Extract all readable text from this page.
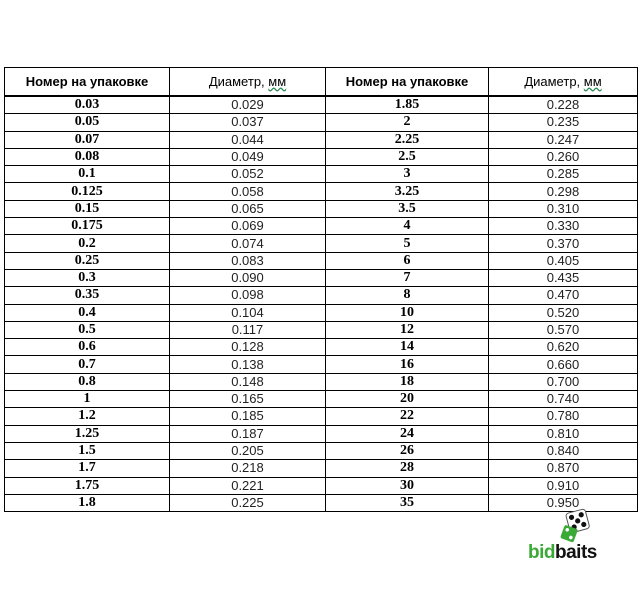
Номер на упаковке	Диаметр, мм	Номер на упаковке	Диаметр, мм
0.03	0.029	1.85	0.228
0.05	0.037	2	0.235
0.07	0.044	2.25	0.247
0.08	0.049	2.5	0.260
0.1	0.052	3	0.285
0.125	0.058	3.25	0.298
0.15	0.065	3.5	0.310
0.175	0.069	4	0.330
0.2	0.074	5	0.370
0.25	0.083	6	0.405
0.3	0.090	7	0.435
0.35	0.098	8	0.470
0.4	0.104	10	0.520
0.5	0.117	12	0.570
0.6	0.128	14	0.620
0.7	0.138	16	0.660
0.8	0.148	18	0.700
1	0.165	20	0.740
1.2	0.185	22	0.780
1.25	0.187	24	0.810
1.5	0.205	26	0.840
1.7	0.218	28	0.870
1.75	0.221	30	0.910
1.8	0.225	35	0.950
bidbaits
